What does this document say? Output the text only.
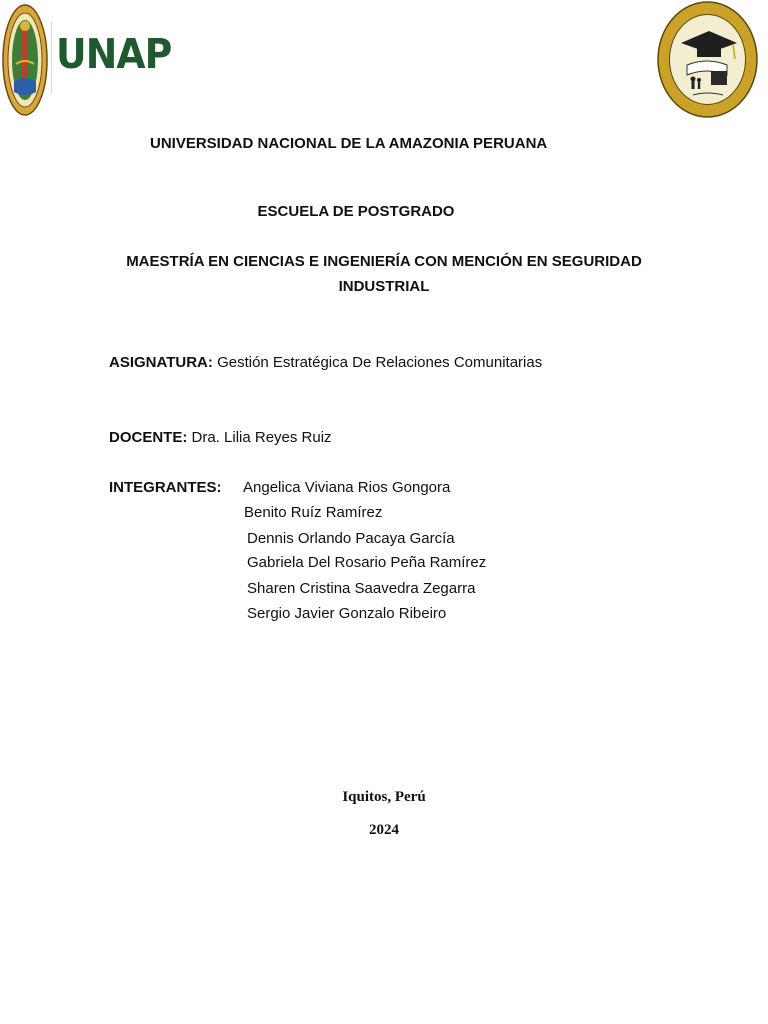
UNAP
UNIVERSIDAD NACIONAL DE LA AMAZONIA PERUANA
ESCUELA DE POSTGRADO
MAESTRÍA EN CIENCIAS E INGENIERÍA CON MENCIÓN EN SEGURIDAD
INDUSTRIAL
ASIGNATURA: Gestión Estratégica De Relaciones Comunitarias
DOCENTE: Dra. Lilia Reyes Ruiz
INTEGRANTES: Angelica Viviana Rios Gongora
Benito Ruíz Ramírez
Dennis Orlando Pacaya García
Gabriela Del Rosario Peña Ramírez
Sharen Cristina Saavedra Zegarra
Sergio Javier Gonzalo Ribeiro
Iquitos, Perú
2024
